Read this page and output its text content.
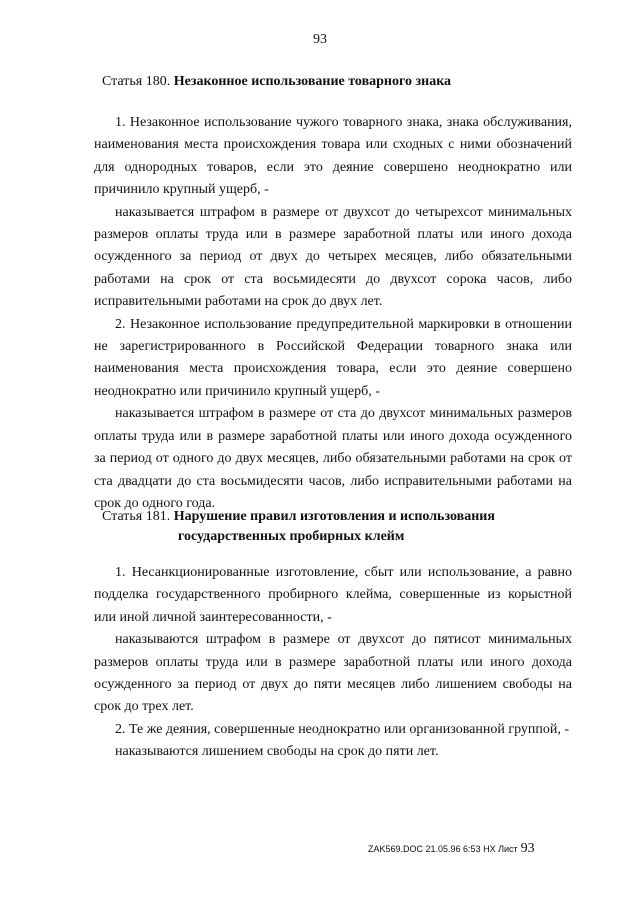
93
Статья 180. Незаконное использование товарного знака
1. Незаконное использование чужого товарного знака, знака обслуживания, наименования места происхождения товара или сходных с ними обозначений для однородных товаров, если это деяние совершено неоднократно или причинило крупный ущерб, -
наказывается штрафом в размере от двухсот до четырехсот минимальных размеров оплаты труда или в размере заработной платы или иного дохода осужденного за период от двух до четырех месяцев, либо обязательными работами на срок от ста восьмидесяти до двухсот сорока часов, либо исправительными работами на срок до двух лет.
2. Незаконное использование предупредительной маркировки в отношении не зарегистрированного в Российской Федерации товарного знака или наименования места происхождения товара, если это деяние совершено неоднократно или причинило крупный ущерб, -
наказывается штрафом в размере от ста до двухсот минимальных размеров оплаты труда или в размере заработной платы или иного дохода осужденного за период от одного до двух месяцев, либо обязательными работами на срок от ста двадцати до ста восьмидесяти часов, либо исправительными работами на срок до одного года.
Статья 181. Нарушение правил изготовления и использования
государственных пробирных клейм
1. Несанкционированные изготовление, сбыт или использование, а равно подделка государственного пробирного клейма, совершенные из корыстной или иной личной заинтересованности, -
наказываются штрафом в размере от двухсот до пятисот минимальных размеров оплаты труда или в размере заработной платы или иного дохода осужденного за период от двух до пяти месяцев либо лишением свободы на срок до трех лет.
2. Те же деяния, совершенные неоднократно или организованной группой, -
наказываются лишением свободы на срок до пяти лет.
ZAK569.DOC 21.05.96 6:53 НХ Лист 93
